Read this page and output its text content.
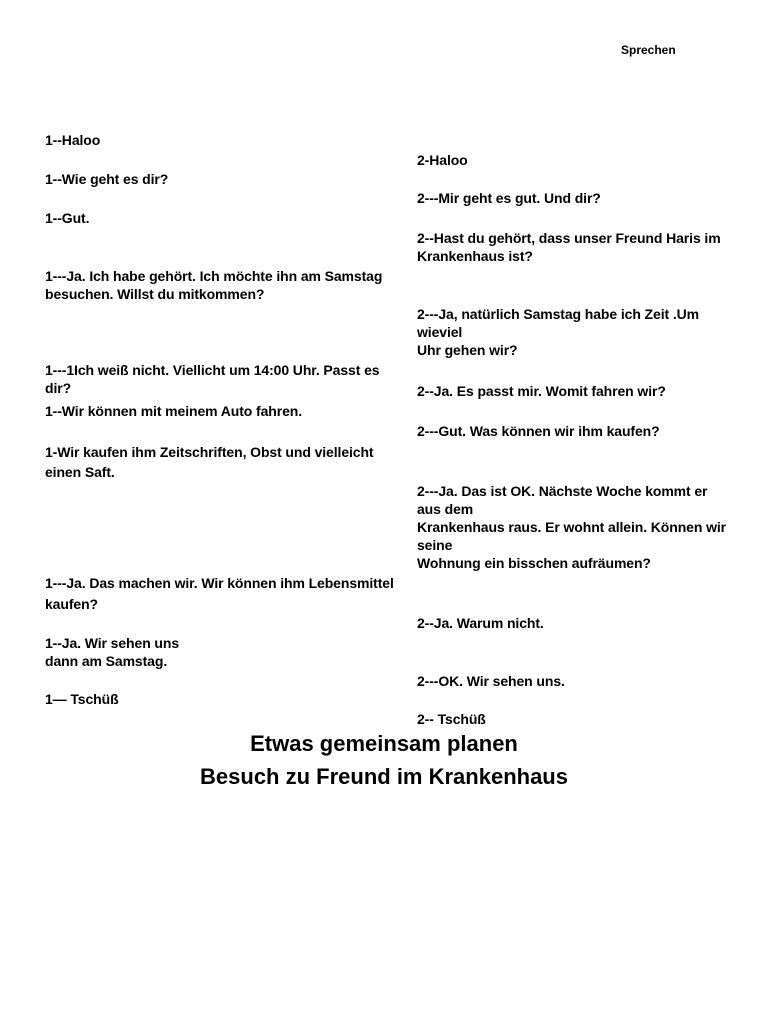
Sprechen
1--Haloo
1--Wie geht es dir?
1--Gut.
1---Ja. Ich habe gehört. Ich möchte ihn am Samstag
besuchen. Willst du mitkommen?
1---1Ich weiß nicht. Viellicht um 14:00 Uhr. Passt es dir?
1--Wir können mit meinem Auto fahren.
1-Wir kaufen ihm Zeitschriften, Obst und vielleicht
einen Saft.
1---Ja. Das machen wir. Wir können ihm Lebensmittel
kaufen?
1--Ja. Wir sehen uns
dann am Samstag.
1— Tschüß
2-Haloo
2---Mir geht es gut. Und dir?
2--Hast du gehört, dass unser Freund Haris im
Krankenhaus ist?
2---Ja, natürlich Samstag habe ich Zeit .Um
wieviel
Uhr gehen wir?
2--Ja. Es passt mir. Womit fahren wir?
2---Gut. Was können wir ihm kaufen?
2---Ja. Das ist OK. Nächste Woche kommt er
aus dem
Krankenhaus raus. Er wohnt allein. Können wir
seine
Wohnung ein bisschen aufräumen?
2--Ja. Warum nicht.
2---OK. Wir sehen uns.
2-- Tschüß
Etwas gemeinsam planen
Besuch zu Freund im Krankenhaus
